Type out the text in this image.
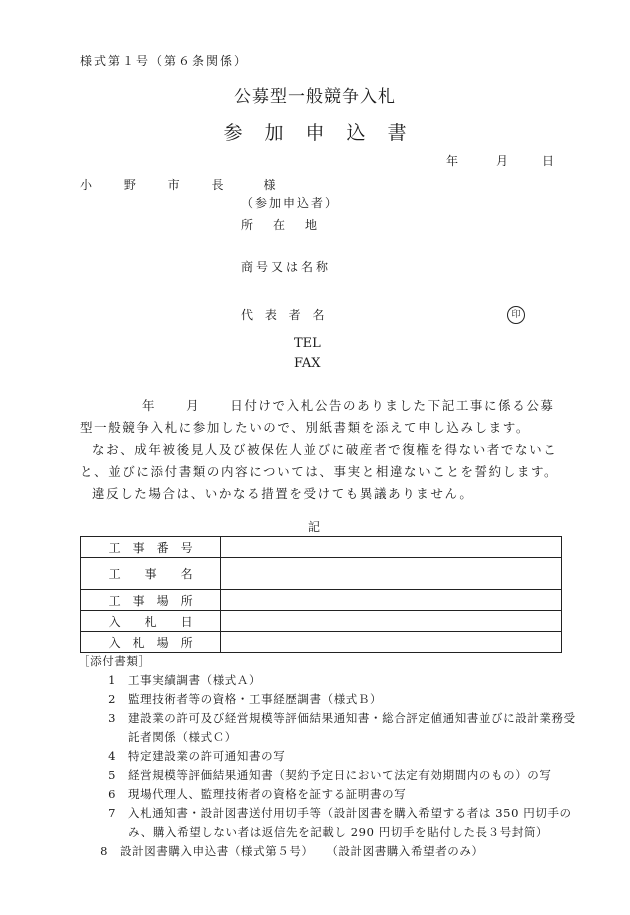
様式第１号（第６条関係）
公募型一般競争入札
参加申込書
年	月	日
小 野 市 長　様
（参加申込者）
所　在　地
商号又は名称
代 表 者 名	印
TEL
FAX

年 月 日付けで入札公告のありました下記工事に係る公募型一般競争入札に参加したいので、別紙書類を添えて申し込みします。

なお、成年被後見人及び被保佐人並びに破産者で復権を得ない者でないこと、並びに添付書類の内容については、事実と相違ないことを誓約します。

違反した場合は、いかなる措置を受けても異議ありません。

記
工　事　番　号	
工　　事　　名	
工　事　場　所	
入　　札　　日	
入　札　場　所	
［添付書類］
1	工事実績調書（様式Ａ）
2	監理技術者等の資格・工事経歴調書（様式Ｂ）
3	建設業の許可及び経営規模等評価結果通知書・総合評定値通知書並びに設計業務受託者関係（様式Ｃ）
4	特定建設業の許可通知書の写
5	経営規模等評価結果通知書（契約予定日において法定有効期間内のもの）の写
6	現場代理人、監理技術者の資格を証する証明書の写
7	入札通知書・設計図書送付用切手等（設計図書を購入希望する者は 350 円切手のみ、購入希望しない者は返信先を記載し 290 円切手を貼付した長３号封筒）
8	設計図書購入申込書（様式第５号）　　（設計図書購入希望者のみ）
